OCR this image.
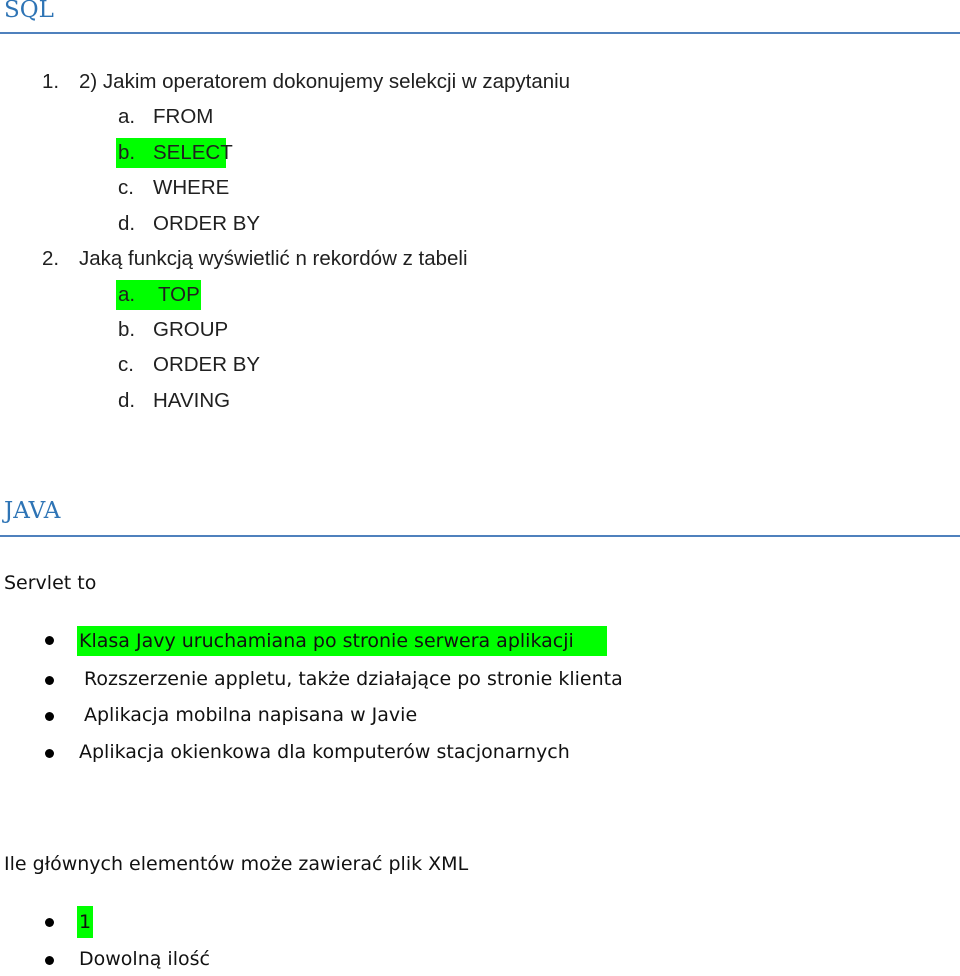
SQL
1. 2) Jakim operatorem dokonujemy selekcji w zapytaniu
a. FROM
b. SELECT
c. WHERE
d. ORDER BY
2. Jaką funkcją wyświetlić n rekordów z tabeli
a. TOP
b. GROUP
c. ORDER BY
d. HAVING
JAVA
Servlet to
Klasa Javy uruchamiana po stronie serwera aplikacji
Rozszerzenie appletu, także działające po stronie klienta
Aplikacja mobilna napisana w Javie
Aplikacja okienkowa dla komputerów stacjonarnych
Ile głównych elementów może zawierać plik XML
1
Dowolną ilość
